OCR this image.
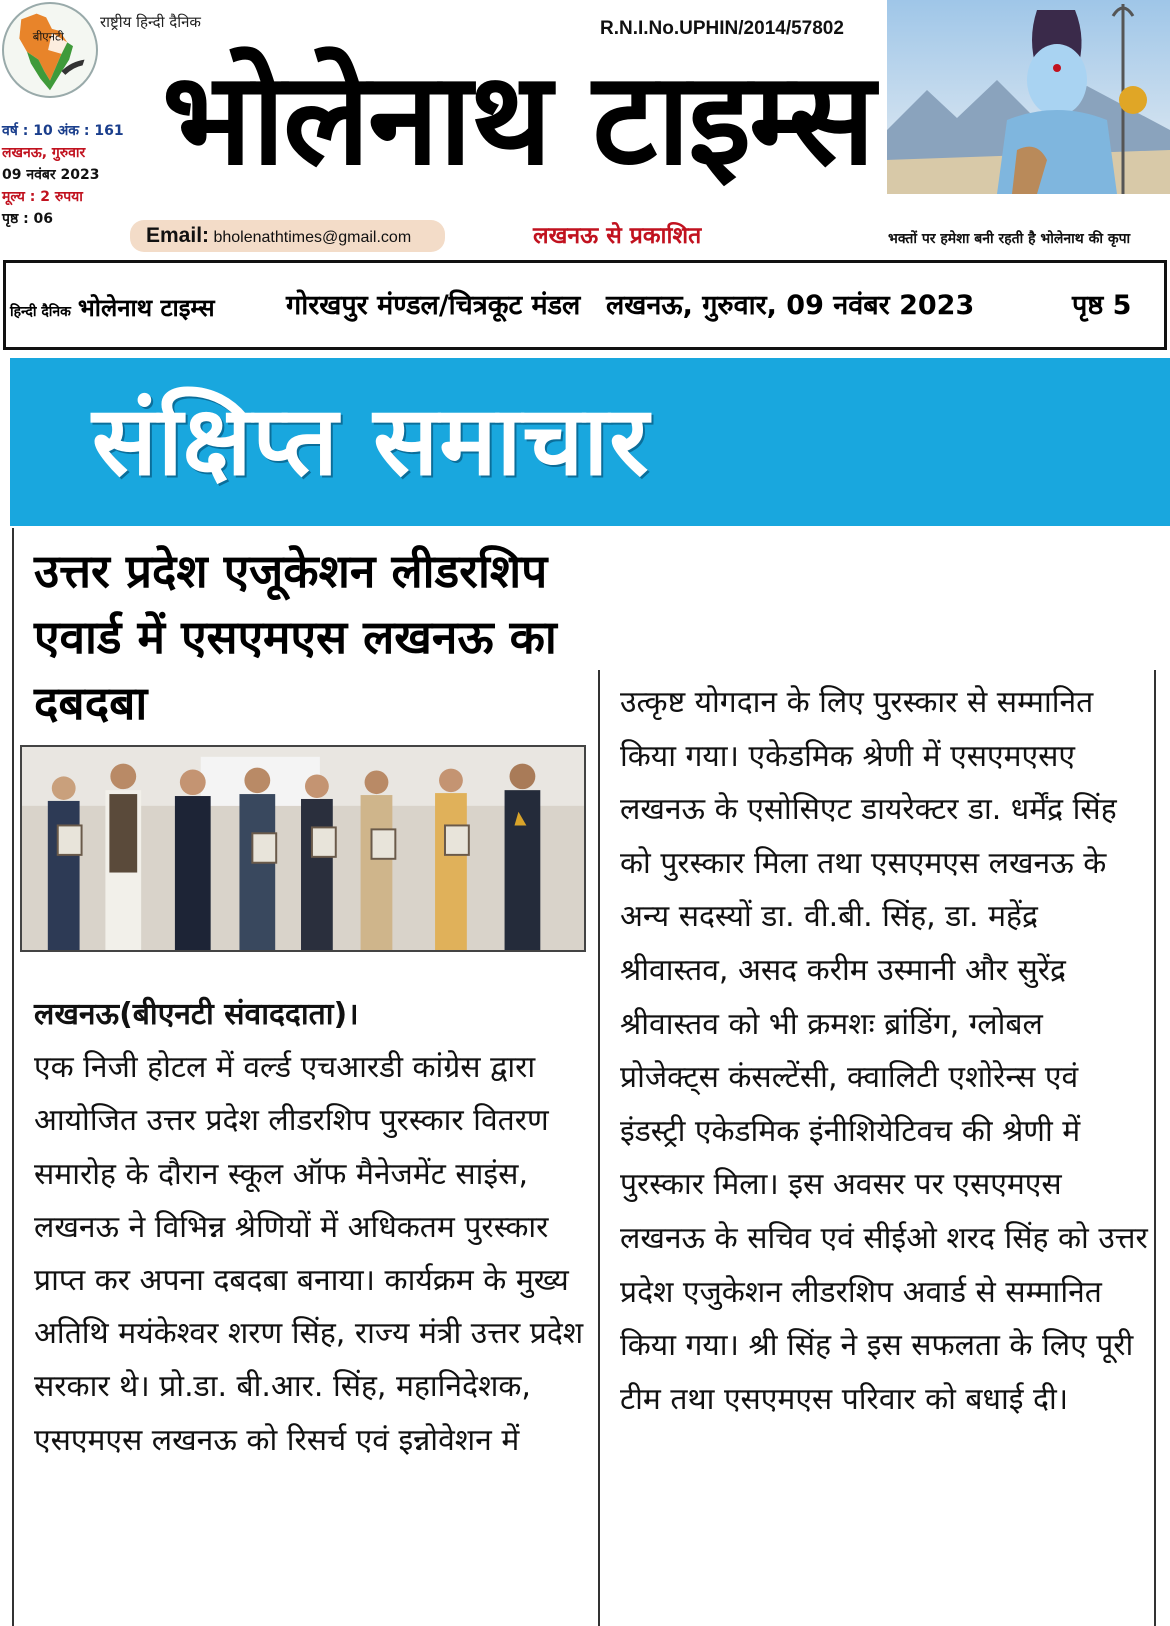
बीएनटी
राष्ट्रीय हिन्दी दैनिक
वर्ष : 10 अंक : 161
लखनऊ, गुरुवार
09 नवंबर 2023
मूल्य : 2 रुपया
पृष्ठ : 06
R.N.I.No.UPHIN/2014/57802
भोलेनाथ टाइम्स
Email: bholenathtimes@gmail.com	लखनऊ से प्रकाशित	भक्तों पर हमेशा बनी रहती है भोलेनाथ की कृपा
हिन्दी दैनिक भोलेनाथ टाइम्स	गोरखपुर मंण्डल/चित्रकूट मंडल लखनऊ, गुरुवार, 09 नवंबर 2023	पृष्ठ 5
संक्षिप्त समाचार
उत्तर प्रदेश एजूकेशन लीडरशिप एवार्ड में एसएमएस लखनऊ का दबदबा
लखनऊ(बीएनटी संवाददाता)।
एक निजी होटल में वर्ल्ड एचआरडी कांग्रेस द्वारा आयोजित उत्तर प्रदेश लीडरशिप पुरस्कार वितरण समारोह के दौरान स्कूल ऑफ मैनेजमेंट साइंस, लखनऊ ने विभिन्न श्रेणियों में अधिकतम पुरस्कार प्राप्त कर अपना दबदबा बनाया। कार्यक्रम के मुख्य अतिथि मयंकेश्वर शरण सिंह, राज्य मंत्री उत्तर प्रदेश सरकार थे। प्रो.डा. बी.आर. सिंह, महानिदेशक, एसएमएस लखनऊ को रिसर्च एवं इन्नोवेशन में
उत्कृष्ट योगदान के लिए पुरस्कार से सम्मानित किया गया। एकेडमिक श्रेणी में एसएमएसए लखनऊ के एसोसिएट डायरेक्टर डा. धर्मेंद्र सिंह को पुरस्कार मिला तथा एसएमएस लखनऊ के अन्य सदस्यों डा. वी.बी. सिंह, डा. महेंद्र श्रीवास्तव, असद करीम उस्मानी और सुरेंद्र श्रीवास्तव को भी क्रमशः ब्रांडिंग, ग्लोबल प्रोजेक्ट्स कंसल्टेंसी, क्वालिटी एशोरेन्स एवं इंडस्ट्री एकेडमिक इंनीशियेटिवच की श्रेणी में पुरस्कार मिला। इस अवसर पर एसएमएस लखनऊ के सचिव एवं सीईओ शरद सिंह को उत्तर प्रदेश एजुकेशन लीडरशिप अवार्ड से सम्मानित किया गया। श्री सिंह ने इस सफलता के लिए पूरी टीम तथा एसएमएस परिवार को बधाई दी।
